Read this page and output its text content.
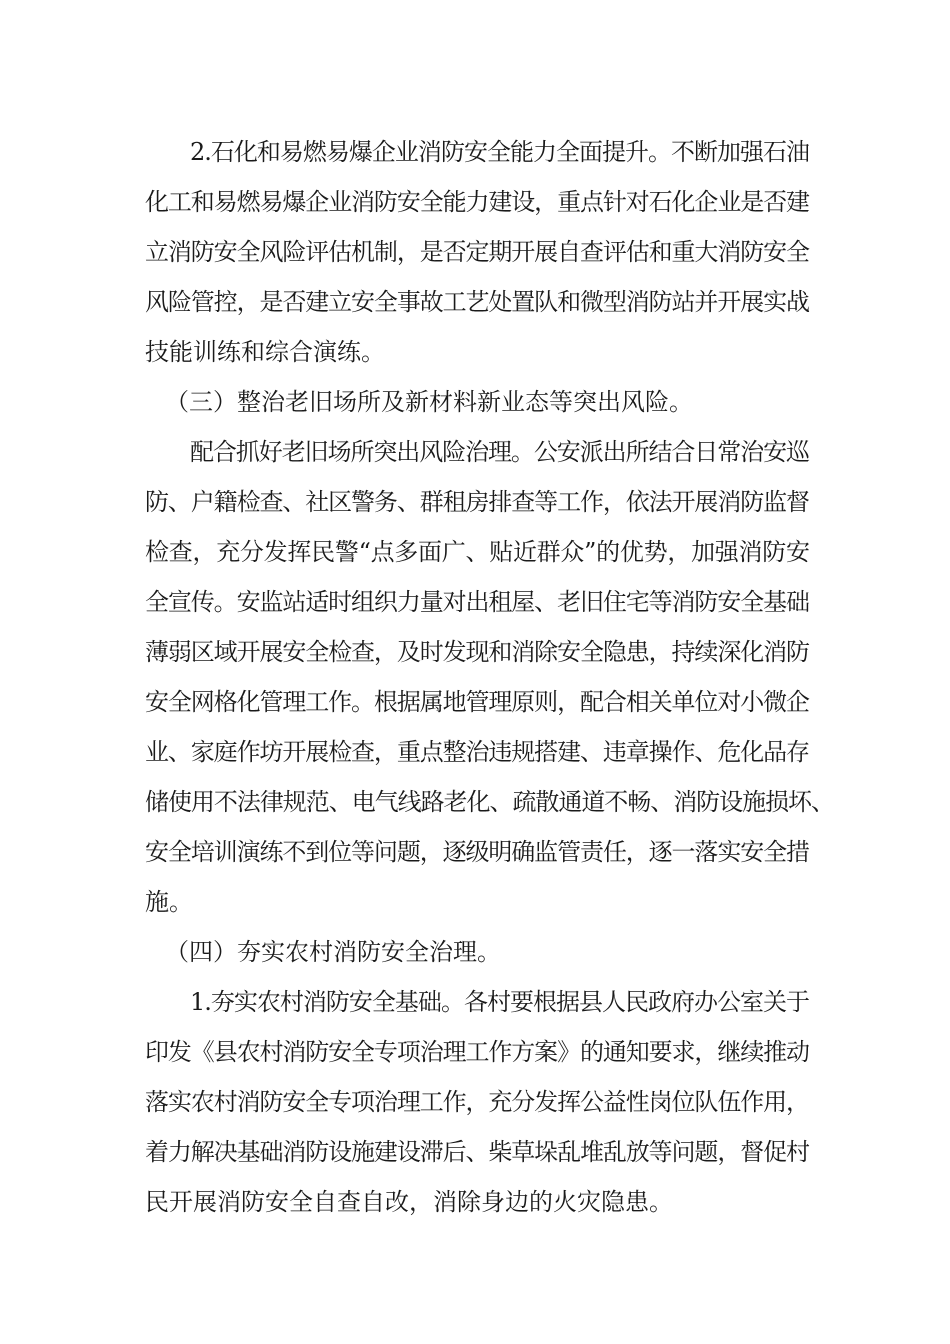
2.石化和易燃易爆企业消防安全能力全面提升。不断加强石油
化工和易燃易爆企业消防安全能力建设，重点针对石化企业是否建
立消防安全风险评估机制，是否定期开展自查评估和重大消防安全
风险管控，是否建立安全事故工艺处置队和微型消防站并开展实战
技能训练和综合演练。
（三）整治老旧场所及新材料新业态等突出风险。
配合抓好老旧场所突出风险治理。公安派出所结合日常治安巡
防、户籍检查、社区警务、群租房排查等工作，依法开展消防监督
检查，充分发挥民警“点多面广、贴近群众”的优势，加强消防安
全宣传。安监站适时组织力量对出租屋、老旧住宅等消防安全基础
薄弱区域开展安全检查，及时发现和消除安全隐患，持续深化消防
安全网格化管理工作。根据属地管理原则，配合相关单位对小微企
业、家庭作坊开展检查，重点整治违规搭建、违章操作、危化品存
储使用不法律规范、电气线路老化、疏散通道不畅、消防设施损坏、
安全培训演练不到位等问题，逐级明确监管责任，逐一落实安全措
施。
（四）夯实农村消防安全治理。
1.夯实农村消防安全基础。各村要根据县人民政府办公室关于
印发《县农村消防安全专项治理工作方案》的通知要求，继续推动
落实农村消防安全专项治理工作，充分发挥公益性岗位队伍作用，
着力解决基础消防设施建设滞后、柴草垛乱堆乱放等问题，督促村
民开展消防安全自查自改，消除身边的火灾隐患。
